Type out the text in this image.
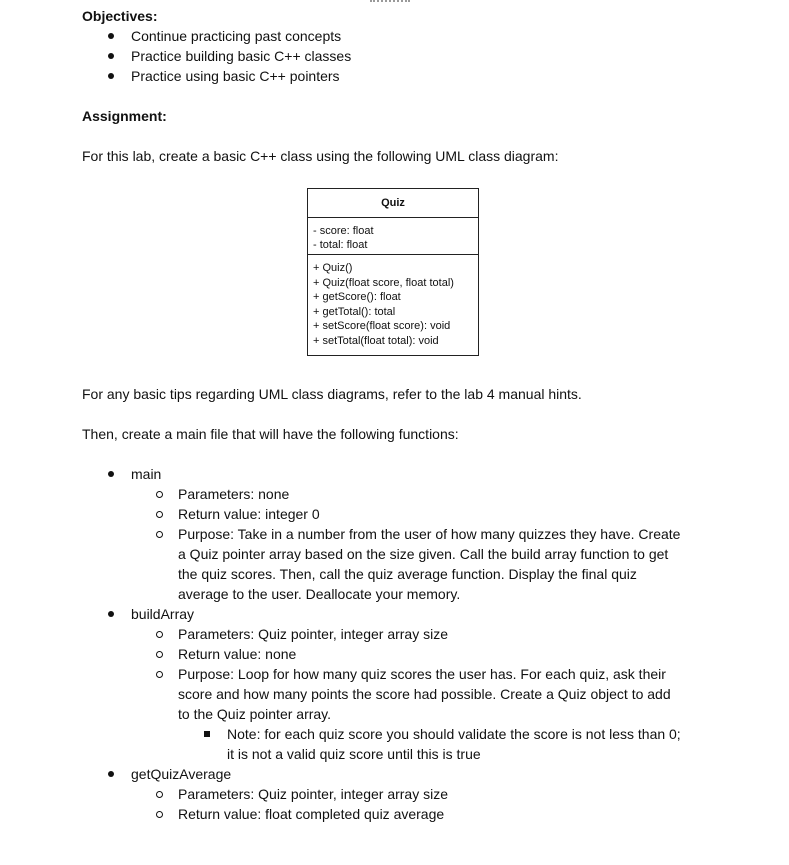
Objectives:
Continue practicing past concepts
Practice building basic C++ classes
Practice using basic C++ pointers
Assignment:
For this lab, create a basic C++ class using the following UML class diagram:
Quiz
- score: float
- total: float
+ Quiz()
+ Quiz(float score, float total)
+ getScore(): float
+ getTotal(): total
+ setScore(float score): void
+ setTotal(float total): void
For any basic tips regarding UML class diagrams, refer to the lab 4 manual hints.
Then, create a main file that will have the following functions:
main
Parameters: none
Return value: integer 0
Purpose: Take in a number from the user of how many quizzes they have. Create
a Quiz pointer array based on the size given. Call the build array function to get
the quiz scores. Then, call the quiz average function. Display the final quiz
average to the user. Deallocate your memory.
buildArray
Parameters: Quiz pointer, integer array size
Return value: none
Purpose: Loop for how many quiz scores the user has. For each quiz, ask their
score and how many points the score had possible. Create a Quiz object to add
to the Quiz pointer array.
Note: for each quiz score you should validate the score is not less than 0;
it is not a valid quiz score until this is true
getQuizAverage
Parameters: Quiz pointer, integer array size
Return value: float completed quiz average
